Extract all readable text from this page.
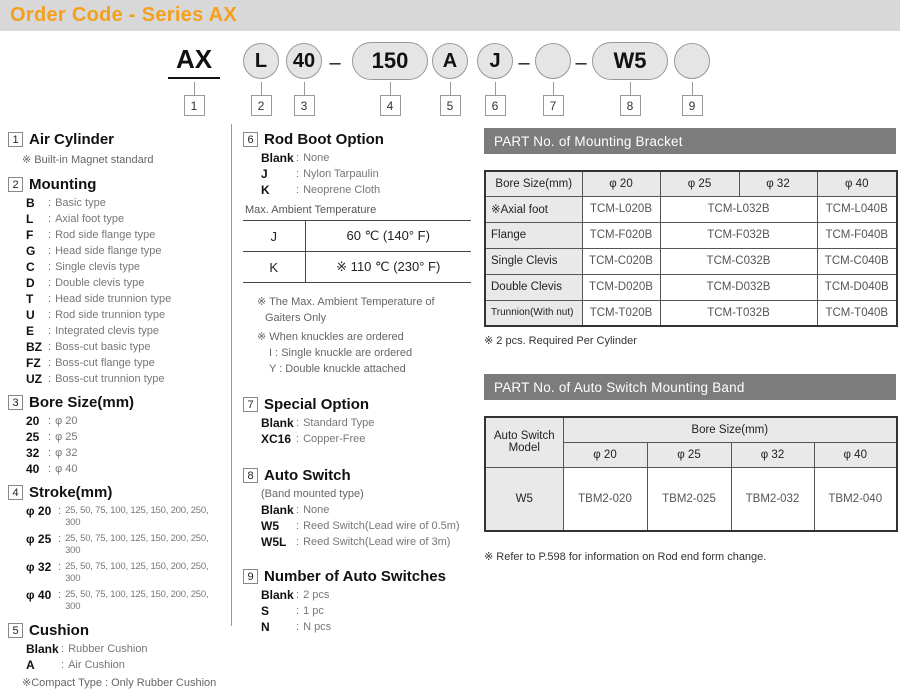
Order Code - Series AX
AX
1
L
2
40
3
–	150
4
A
5
J
6
–
7
–	W5
8	9
1 Air Cylinder
※ Built-in Magnet standard
2 Mounting
B	: Basic type
L	: Axial foot type
F	: Rod side flange type
G	: Head side flange type
C	: Single clevis type
D	: Double clevis type
T	: Head side trunnion type
U	: Rod side trunnion type
E	: Integrated clevis type
BZ : Boss-cut basic type
FZ : Boss-cut flange type
UZ : Boss-cut trunnion type
3 Bore Size(mm)
20 : φ 20
25 : φ 25
32 : φ 32
40 : φ 40
4 Stroke(mm)
φ 20 : 25, 50, 75, 100, 125, 150, 200, 250, 300
φ 25 : 25, 50, 75, 100, 125, 150, 200, 250, 300
φ 32 : 25, 50, 75, 100, 125, 150, 200, 250, 300
φ 40 : 25, 50, 75, 100, 125, 150, 200, 250, 300
5 Cushion
Blank : Rubber Cushion
A	: Air Cushion
※Compact Type : Only Rubber Cushion
6 Rod Boot Option
Blank : None
J	: Nylon Tarpaulin
K	: Neoprene Cloth
Max. Ambient Temperature
J	60 ℃ (140° F)
K	※ 110 ℃ (230° F)
※ The Max. Ambient Temperature of
Gaiters Only
※ When knuckles are ordered
I : Single knuckle are ordered
Y : Double knuckle attached
7 Special Option
Blank : Standard Type
XC16 : Copper-Free
8 Auto Switch
(Band mounted type)
Blank : None
W5	: Reed Switch(Lead wire of 0.5m)
W5L : Reed Switch(Lead wire of 3m)
9 Number of Auto Switches
Blank : 2 pcs
S	: 1 pc
N	: N pcs
PART No. of Mounting Bracket
Bore Size(mm)	φ 20	φ 25	φ 32	φ 40
※Axial foot	TCM-L020B	TCM-L032B		TCM-L040B
Flange	TCM-F020B	TCM-F032B		TCM-F040B
Single Clevis	TCM-C020B	TCM-C032B		TCM-C040B
Double Clevis	TCM-D020B	TCM-D032B		TCM-D040B
Trunnion(With nut)	TCM-T020B	TCM-T032B		TCM-T040B
※ 2 pcs. Required Per Cylinder
PART No. of Auto Switch Mounting Band
Auto Switch Model	Bore Size(mm)			
	φ 20	φ 25	φ 32	φ 40
W5	TBM2-020	TBM2-025	TBM2-032	TBM2-040
※ Refer to P.598 for information on Rod end form change.
